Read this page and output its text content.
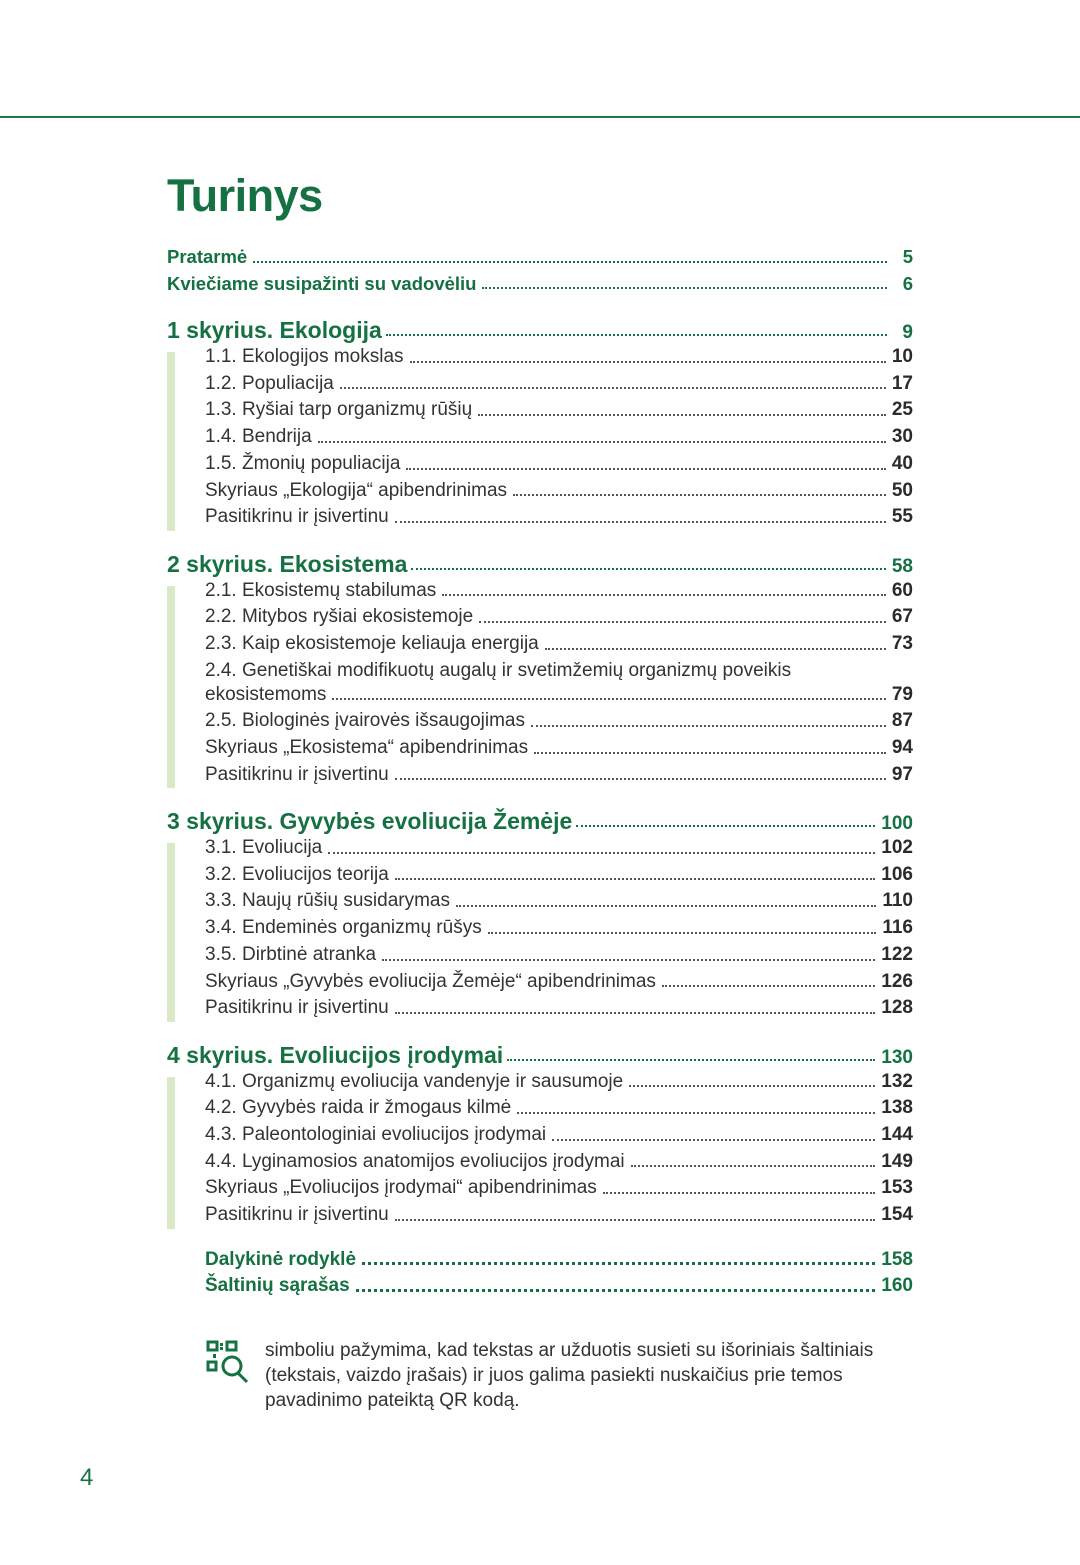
Turinys
Pratarmė	5
Kviečiame susipažinti su vadovėliu	6
1 skyrius. Ekologija	9
1.1. Ekologijos mokslas	10
1.2. Populiacija	17
1.3. Ryšiai tarp organizmų rūšių	25
1.4. Bendrija	30
1.5. Žmonių populiacija	40
Skyriaus „Ekologija“ apibendrinimas	50
Pasitikrinu ir įsivertinu	55
2 skyrius. Ekosistema	58
2.1. Ekosistemų stabilumas	60
2.2. Mitybos ryšiai ekosistemoje	67
2.3. Kaip ekosistemoje keliauja energija	73
2.4. Genetiškai modifikuotų augalų ir svetimžemių organizmų poveikis
ekosistemoms	79
2.5. Biologinės įvairovės išsaugojimas	87
Skyriaus „Ekosistema“ apibendrinimas	94
Pasitikrinu ir įsivertinu	97
3 skyrius. Gyvybės evoliucija Žemėje	100
3.1. Evoliucija	102
3.2. Evoliucijos teorija	106
3.3. Naujų rūšių susidarymas	110
3.4. Endeminės organizmų rūšys	116
3.5. Dirbtinė atranka	122
Skyriaus „Gyvybės evoliucija Žemėje“ apibendrinimas	126
Pasitikrinu ir įsivertinu	128
4 skyrius. Evoliucijos įrodymai	130
4.1. Organizmų evoliucija vandenyje ir sausumoje	132
4.2. Gyvybės raida ir žmogaus kilmė	138
4.3. Paleontologiniai evoliucijos įrodymai	144
4.4. Lyginamosios anatomijos evoliucijos įrodymai	149
Skyriaus „Evoliucijos įrodymai“ apibendrinimas	153
Pasitikrinu ir įsivertinu	154
Dalykinė rodyklė	158
Šaltinių sąrašas	160
simboliu pažymima, kad tekstas ar užduotis susieti su išoriniais šaltiniais (tekstais, vaizdo įrašais) ir juos galima pasiekti nuskaičius prie temos pavadinimo pateiktą QR kodą.
4
